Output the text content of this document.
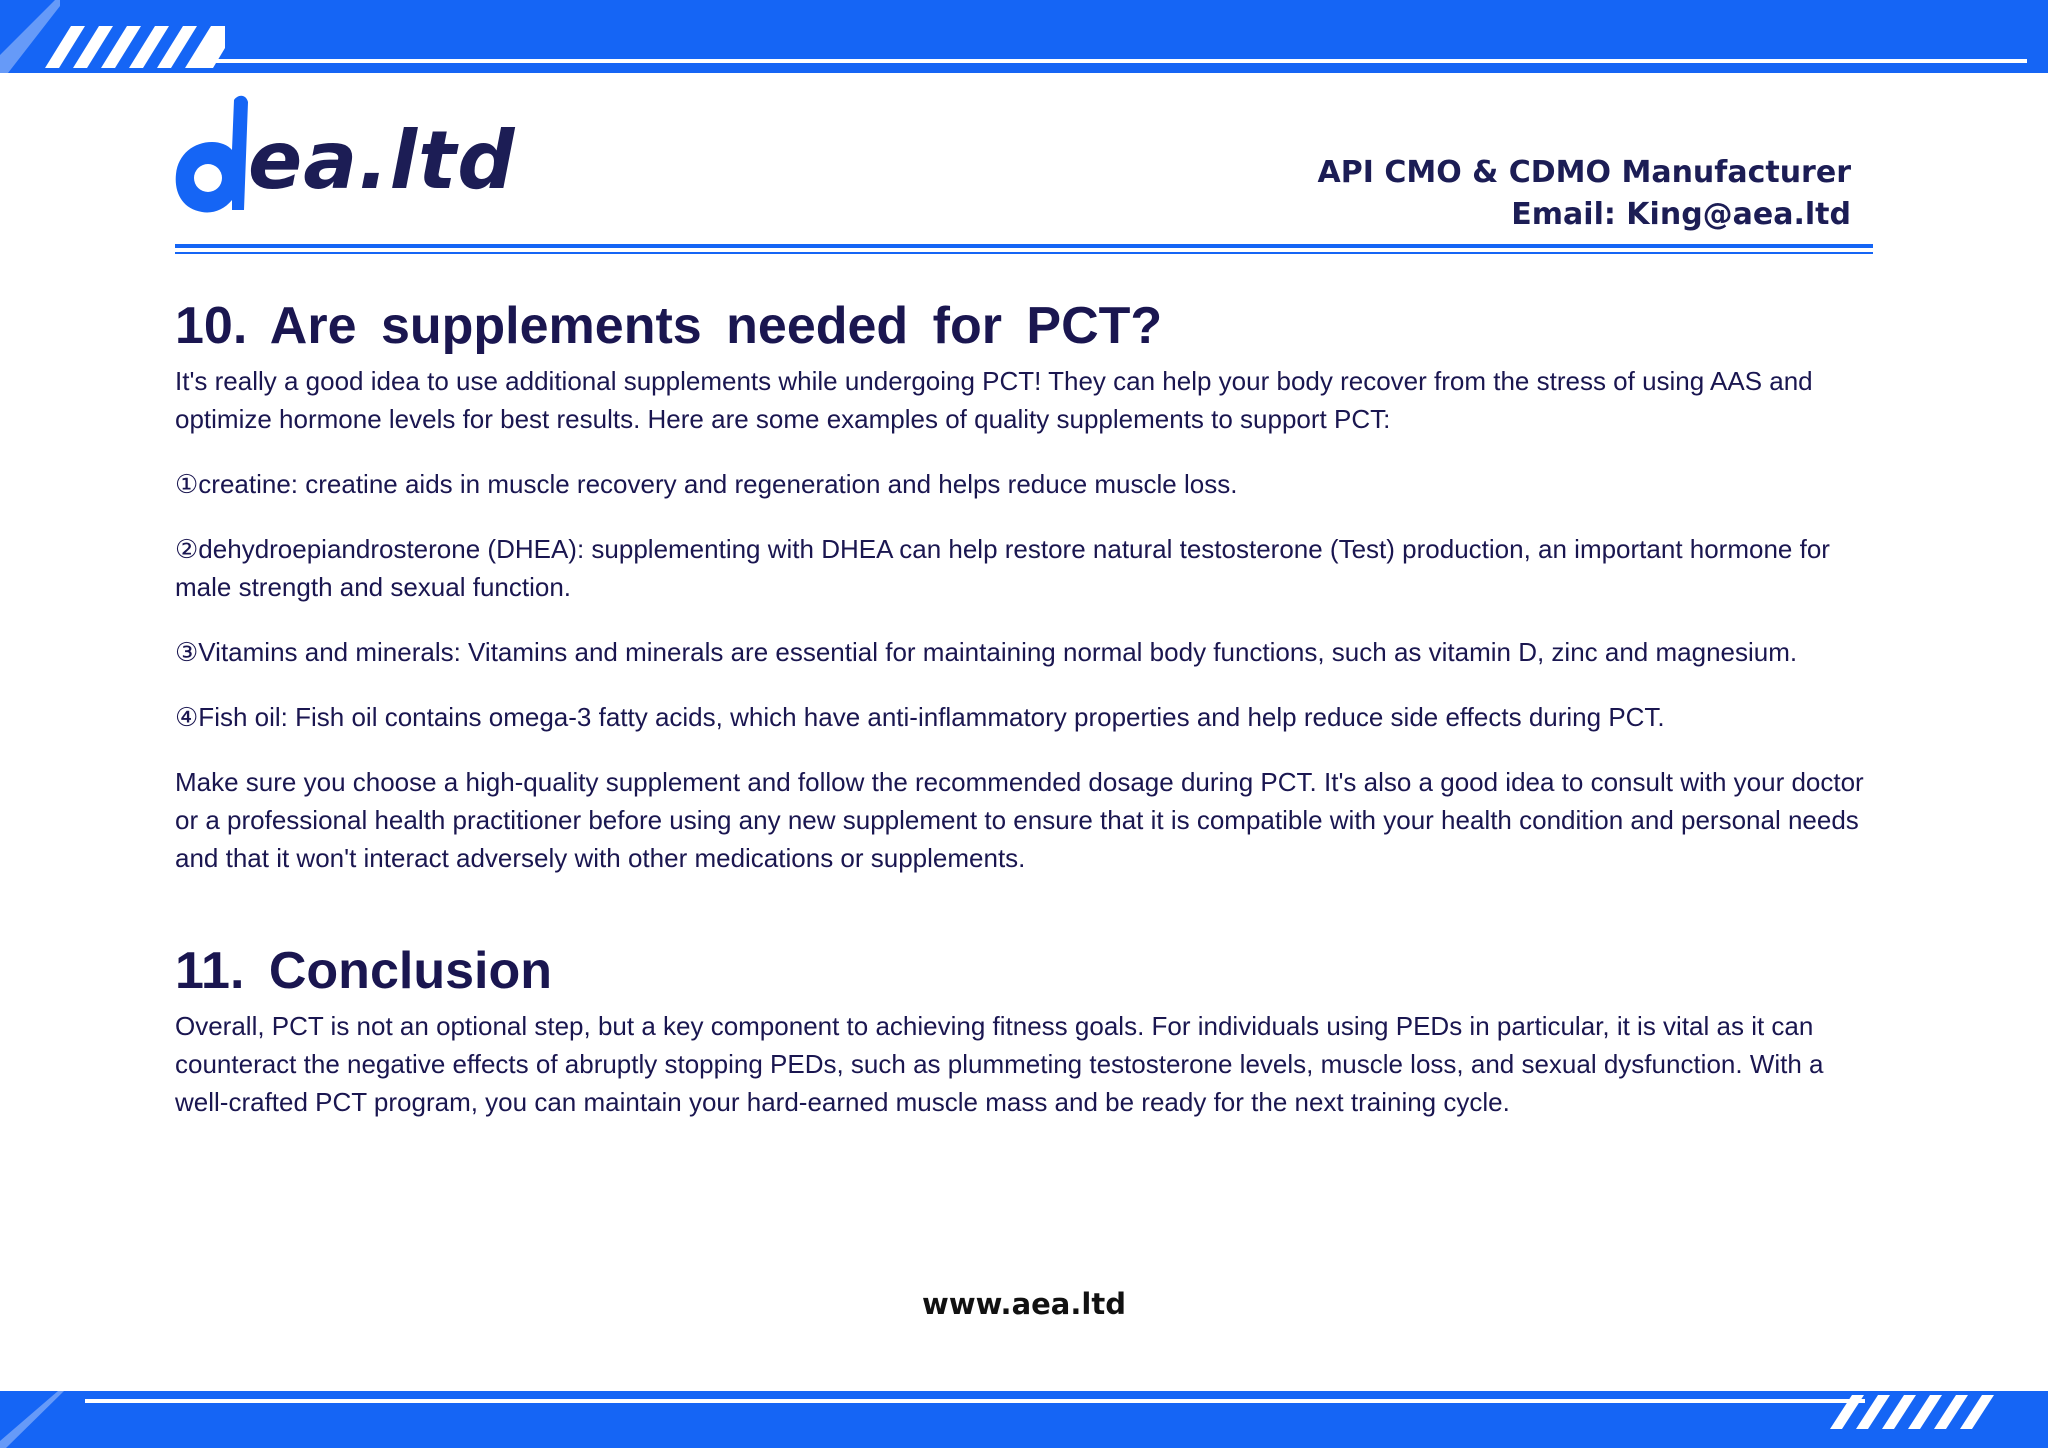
ea.ltd	API CMO & CDMO Manufacturer
Email: King@aea.ltd
10. Are supplements needed for PCT?

It's really a good idea to use additional supplements while undergoing PCT! They can help your body recover from the stress of using AAS and optimize hormone levels for best results. Here are some examples of quality supplements to support PCT:

①creatine: creatine aids in muscle recovery and regeneration and helps reduce muscle loss.

②dehydroepiandrosterone (DHEA): supplementing with DHEA can help restore natural testosterone (Test) production, an important hormone for male strength and sexual function.

③Vitamins and minerals: Vitamins and minerals are essential for maintaining normal body functions, such as vitamin D, zinc and magnesium.

④Fish oil: Fish oil contains omega-3 fatty acids, which have anti-inflammatory properties and help reduce side effects during PCT.

Make sure you choose a high-quality supplement and follow the recommended dosage during PCT. It's also a good idea to consult with your doctor or a professional health practitioner before using any new supplement to ensure that it is compatible with your health condition and personal needs and that it won't interact adversely with other medications or supplements.

11. Conclusion

Overall, PCT is not an optional step, but a key component to achieving fitness goals. For individuals using PEDs in particular, it is vital as it can counteract the negative effects of abruptly stopping PEDs, such as plummeting testosterone levels, muscle loss, and sexual dysfunction. With a well-crafted PCT program, you can maintain your hard-earned muscle mass and be ready for the next training cycle.

www.aea.ltd
